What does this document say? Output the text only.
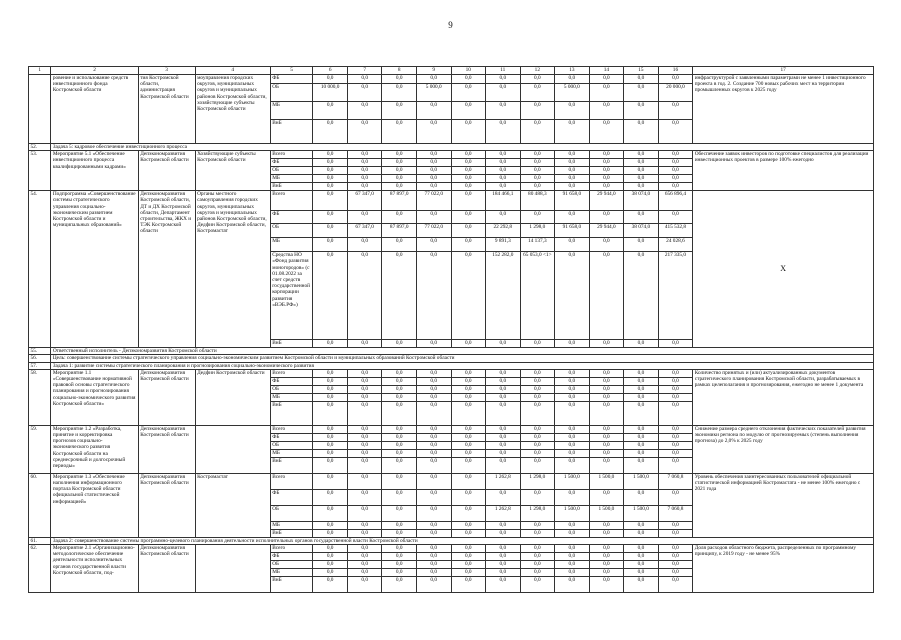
9
1	2	3	4	5	6	7	8	9	10	11	12	13	14	15	16	17
	ровение и использование средств инвестиционного фонда Костромской области	тия Костромской области, администрация Костромской области	моуправления городских округов, муниципальных округов и муниципальных районов Костромской области, хозяйствующие субъекты Костромской области	ФБ	0,0	0,0	0,0	0,0	0,0	0,0	0,0	0,0	0,0	0,0	0,0	инфраструктурой с заявленными параметрами не менее 1 инвестиционного проекта в год. 2. Создание 700 новых рабочих мест на территории промышленных округов к 2025 году
				ОБ	10 000,0	0,0	0,0	5 000,0	0,0	0,0	0,0	5 000,0	0,0	0,0	20 000,0	
				МБ	0,0	0,0	0,0	0,0	0,0	0,0	0,0	0,0	0,0	0,0	0,0	
				ВнБ	0,0	0,0	0,0	0,0	0,0	0,0	0,0	0,0	0,0	0,0	0,0	
52.	Задача 5: кадровое обеспечение инвестиционного процесса															
53.	Мероприятие 5.1 «Обеспечение инвестиционного процесса квалифицированными кадрами»	Депэкономразвития Костромской области	Хозяйствующие субъекты Костромской области	Всего	0,0	0,0	0,0	0,0	0,0	0,0	0,0	0,0	0,0	0,0	0,0	Обеспечение заявок инвесторов по подготовке специалистов для реализации инвестиционных проектов в размере 100% ежегодно
				ФБ	0,0	0,0	0,0	0,0	0,0	0,0	0,0	0,0	0,0	0,0	0,0	
				ОБ	0,0	0,0	0,0	0,0	0,0	0,0	0,0	0,0	0,0	0,0	0,0	
				МБ	0,0	0,0	0,0	0,0	0,0	0,0	0,0	0,0	0,0	0,0	0,0	
				ВнБ	0,0	0,0	0,0	0,0	0,0	0,0	0,0	0,0	0,0	0,0	0,0	
54.	Подпрограмма «Совершенствование системы стратегического управления социально-экономическим развитием Костромской области и муниципальных образований»	Депэкономразвития Костромской области, ДТ и ДХ Костромской области, Департамент строительства, ЖКХ и ТЭК Костромской области	Органы местного самоуправления городских округов, муниципальных округов и муниципальных районов Костромской области, Дедфин Костромской области, Костромастат	Всего	0,0	67 347,0	87 897,0	77 022,0	0,0	184 466,1	80 488,3	91 658,0	29 944,0	38 074,0	656 896,4	X
				ФБ	0,0	0,0	0,0	0,0	0,0	0,0	0,0	0,0	0,0	0,0	0,0	
				ОБ	0,0	67 347,0	87 897,0	77 022,0	0,0	22 292,8	1 298,0	91 658,0	29 944,0	38 074,0	415 532,8	
				МБ	0,0	0,0	0,0	0,0	0,0	9 891,3	14 137,3	0,0	0,0	0,0	24 028,6	
				Средства НО «Фонд развития моногородов» (с 01.08.2022 за счет средств государственной корпорации развития «ВЭБ.РФ»)	0,0	0,0	0,0	0,0	0,0	152 282,0	65 053,0 <1>	0,0	0,0	0,0	217 335,0	
				ВнБ	0,0	0,0	0,0	0,0	0,0	0,0	0,0	0,0	0,0	0,0	0,0	
55.	Ответственный исполнитель - Депэкономразвития Костромской области															
56.	Цель: совершенствование системы стратегического управления социально-экономическим развитием Костромской области и муниципальных образований Костромской области															
57.	Задача 1: развитие системы стратегического планирования и прогнозирования социально-экономического развития															
58.	Мероприятие 1.1 «Совершенствование нормативной правовой основы стратегического планирования и прогнозирования социально-экономического развития Костромской области»	Депэкономразвития Костромской области	Дедфин Костромской области	Всего	0,0	0,0	0,0	0,0	0,0	0,0	0,0	0,0	0,0	0,0	0,0	Количество принятых и (или) актуализированных документов стратегического планирования Костромской области, разрабатываемых в рамках целеполагания и прогнозирования, ежегодно не менее 1 документа
				ФБ	0,0	0,0	0,0	0,0	0,0	0,0	0,0	0,0	0,0	0,0	0,0	
				ОБ	0,0	0,0	0,0	0,0	0,0	0,0	0,0	0,0	0,0	0,0	0,0	
				МБ	0,0	0,0	0,0	0,0	0,0	0,0	0,0	0,0	0,0	0,0	0,0	
				ВнБ	0,0	0,0	0,0	0,0	0,0	0,0	0,0	0,0	0,0	0,0	0,0	
59.	Мероприятие 1.2 «Разработка, принятие и корректировка прогнозов социально-экономического развития Костромской области на среднесрочный и долгосрочный периоды»	Депэкономразвития Костромской области		Всего	0,0	0,0	0,0	0,0	0,0	0,0	0,0	0,0	0,0	0,0	0,0	Снижение размера среднего отклонения фактических показателей развития экономики региона по модулю от прогнозируемых (степень выполнения прогноза) до 2,0% к 2025 году
				ФБ	0,0	0,0	0,0	0,0	0,0	0,0	0,0	0,0	0,0	0,0	0,0	
				ОБ	0,0	0,0	0,0	0,0	0,0	0,0	0,0	0,0	0,0	0,0	0,0	
				МБ	0,0	0,0	0,0	0,0	0,0	0,0	0,0	0,0	0,0	0,0	0,0	
				ВнБ	0,0	0,0	0,0	0,0	0,0	0,0	0,0	0,0	0,0	0,0	0,0	
60.	Мероприятие 1.3 «Обеспечение наполнения информационного портала Костромской области официальной статистической информацией»	Депэкономразвития Костромской области	Костромастат	Всего	0,0	0,0	0,0	0,0	0,0	1 262,8	1 298,0	1 500,0	1 500,0	1 500,0	7 060,8	Уровень обеспечения заинтересованных пользователей официальной статистической информацией Костромастата - не менее 100% ежегодно с 2021 года
				ФБ	0,0	0,0	0,0	0,0	0,0	0,0	0,0	0,0	0,0	0,0	0,0	
				ОБ	0,0	0,0	0,0	0,0	0,0	1 262,8	1 298,0	1 500,0	1 500,0	1 500,0	7 060,8	
				МБ	0,0	0,0	0,0	0,0	0,0	0,0	0,0	0,0	0,0	0,0	0,0	
				ВнБ	0,0	0,0	0,0	0,0	0,0	0,0	0,0	0,0	0,0	0,0	0,0	
61.	Задача 2: совершенствование системы программно-целевого планирования деятельности исполнительных органов государственной власти Костромской области															
62.	Мероприятие 2.1 «Организационно-методологическое обеспечение деятельности исполнительных органов государственной власти Костромской области, под-	Депэкономразвития Костромской области		Всего	0,0	0,0	0,0	0,0	0,0	0,0	0,0	0,0	0,0	0,0	0,0	Доля расходов областного бюджета, распределенных по программному принципу, к 2019 году - не менее 95%
				ФБ	0,0	0,0	0,0	0,0	0,0	0,0	0,0	0,0	0,0	0,0	0,0	
				ОБ	0,0	0,0	0,0	0,0	0,0	0,0	0,0	0,0	0,0	0,0	0,0	
				МБ	0,0	0,0	0,0	0,0	0,0	0,0	0,0	0,0	0,0	0,0	0,0	
				ВнБ	0,0	0,0	0,0	0,0	0,0	0,0	0,0	0,0	0,0	0,0	0,0	
